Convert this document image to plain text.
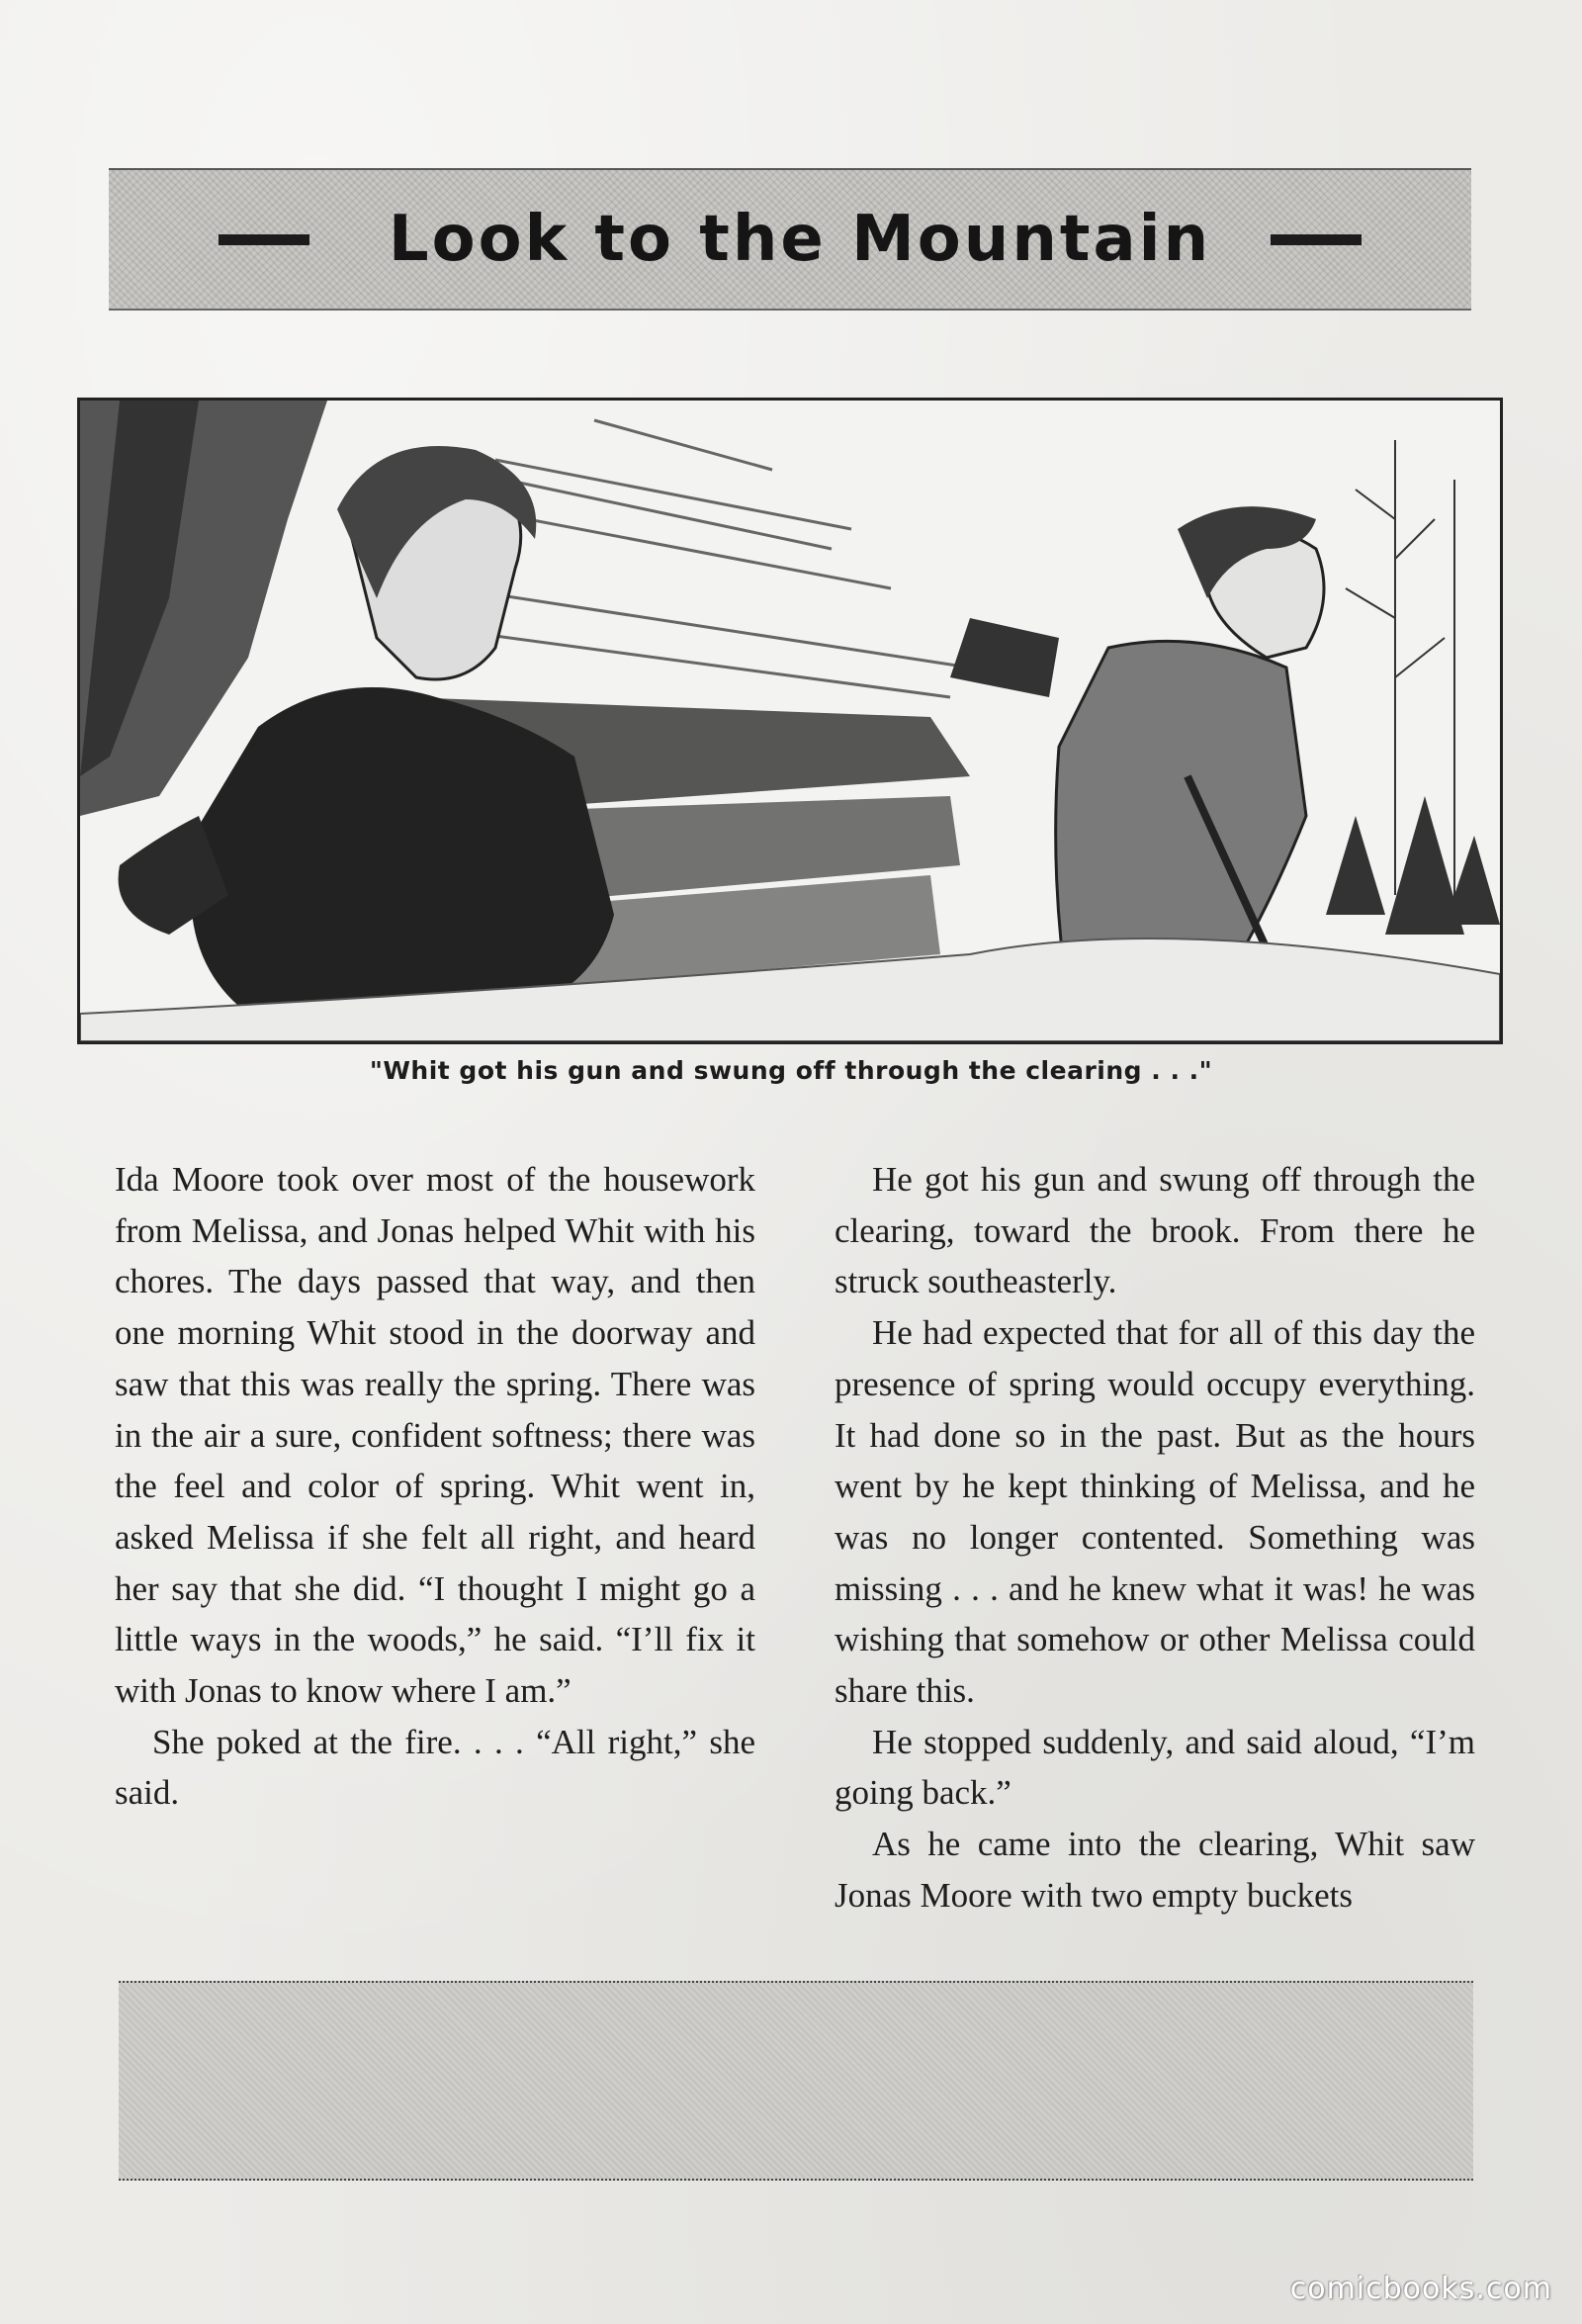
Look to the Mountain
"Whit got his gun and swung off through the clearing . . ."

Ida Moore took over most of the housework from Melissa, and Jonas helped Whit with his chores. The days passed that way, and then one morning Whit stood in the doorway and saw that this was really the spring. There was in the air a sure, confident softness; there was the feel and color of spring. Whit went in, asked Melissa if she felt all right, and heard her say that she did. “I thought I might go a little ways in the woods,” he said. “I’ll fix it with Jonas to know where I am.”

She poked at the fire. . . . “All right,” she said.

He got his gun and swung off through the clearing, toward the brook. From there he struck southeasterly.

He had expected that for all of this day the presence of spring would occupy everything. It had done so in the past. But as the hours went by he kept thinking of Melissa, and he was no longer contented. Something was missing . . . and he knew what it was! he was wishing that somehow or other Melissa could share this.

He stopped suddenly, and said aloud, “I’m going back.”

As he came into the clearing, Whit saw Jonas Moore with two empty buckets

comicbooks.com
